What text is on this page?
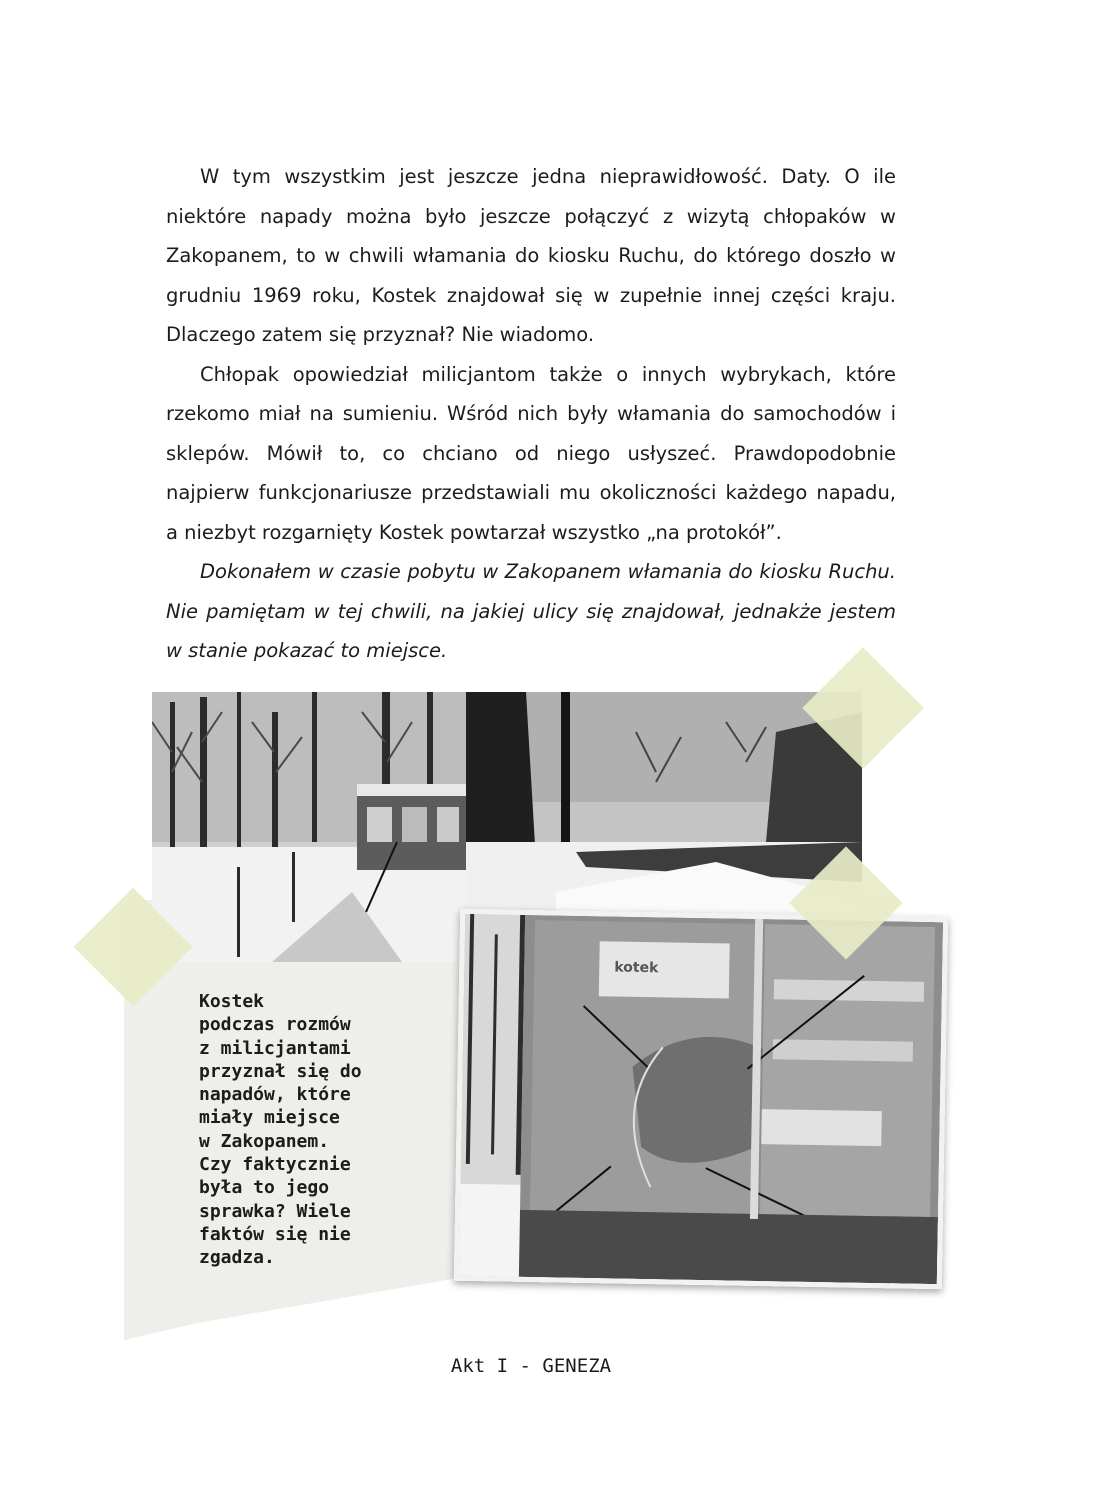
W tym wszystkim jest jeszcze jedna nieprawidłowość. Daty. O ile niektóre napady można było jeszcze połączyć z wizytą chłopaków w Zakopanem, to w chwili włamania do kiosku Ruchu, do którego doszło w grudniu 1969 roku, Kostek znajdował się w zupełnie innej części kraju. Dlaczego zatem się przyznał? Nie wiadomo.

Chłopak opowiedział milicjantom także o innych wybrykach, które rzekomo miał na sumieniu. Wśród nich były włamania do samochodów i sklepów. Mówił to, co chciano od niego usłyszeć. Prawdopodobnie najpierw funkcjonariusze przedstawiali mu okoliczności każdego napadu, a niezbyt rozgarnięty Kostek powtarzał wszystko „na protokół”.

Dokonałem w czasie pobytu w Zakopanem włamania do kiosku Ruchu. Nie pamiętam w tej chwili, na jakiej ulicy się znajdował, jednakże jestem w stanie pokazać to miejsce.

kotek

Kostek
podczas rozmów
z milicjantami
przyznał się do
napadów, które
miały miejsce
w Zakopanem.
Czy faktycznie
była to jego
sprawka? Wiele
faktów się nie
zgadza.

Akt I - GENEZA
